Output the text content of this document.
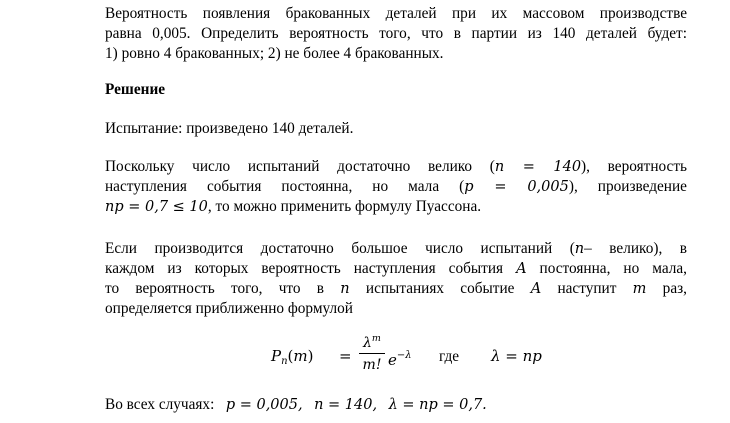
Вероятность появления бракованных деталей при их массовом производстве
равна 0,005. Определить вероятность того, что в партии из 140 деталей будет:
1) ровно 4 бракованных; 2) не более 4 бракованных.
Решение
Испытание: произведено 140 деталей.
Поскольку число испытаний достаточно велико (n = 140), вероятность
наступления события постоянна, но мала (p = 0,005), произведение
np = 0,7 ≤ 10, то можно применить формулу Пуассона.
Если производится достаточно большое число испытаний (n– велико), в
каждом из которых вероятность наступления события A постоянна, но мала,
то вероятность того, что в n испытаниях событие A наступит m раз,
определяется приближенно формулой
$P_n(m)$ =
$\lambda^m$
m! $e^{-\lambda}$ где λ = np
Во всех случаях: p = 0,005, n = 140, λ = np = 0,7.
